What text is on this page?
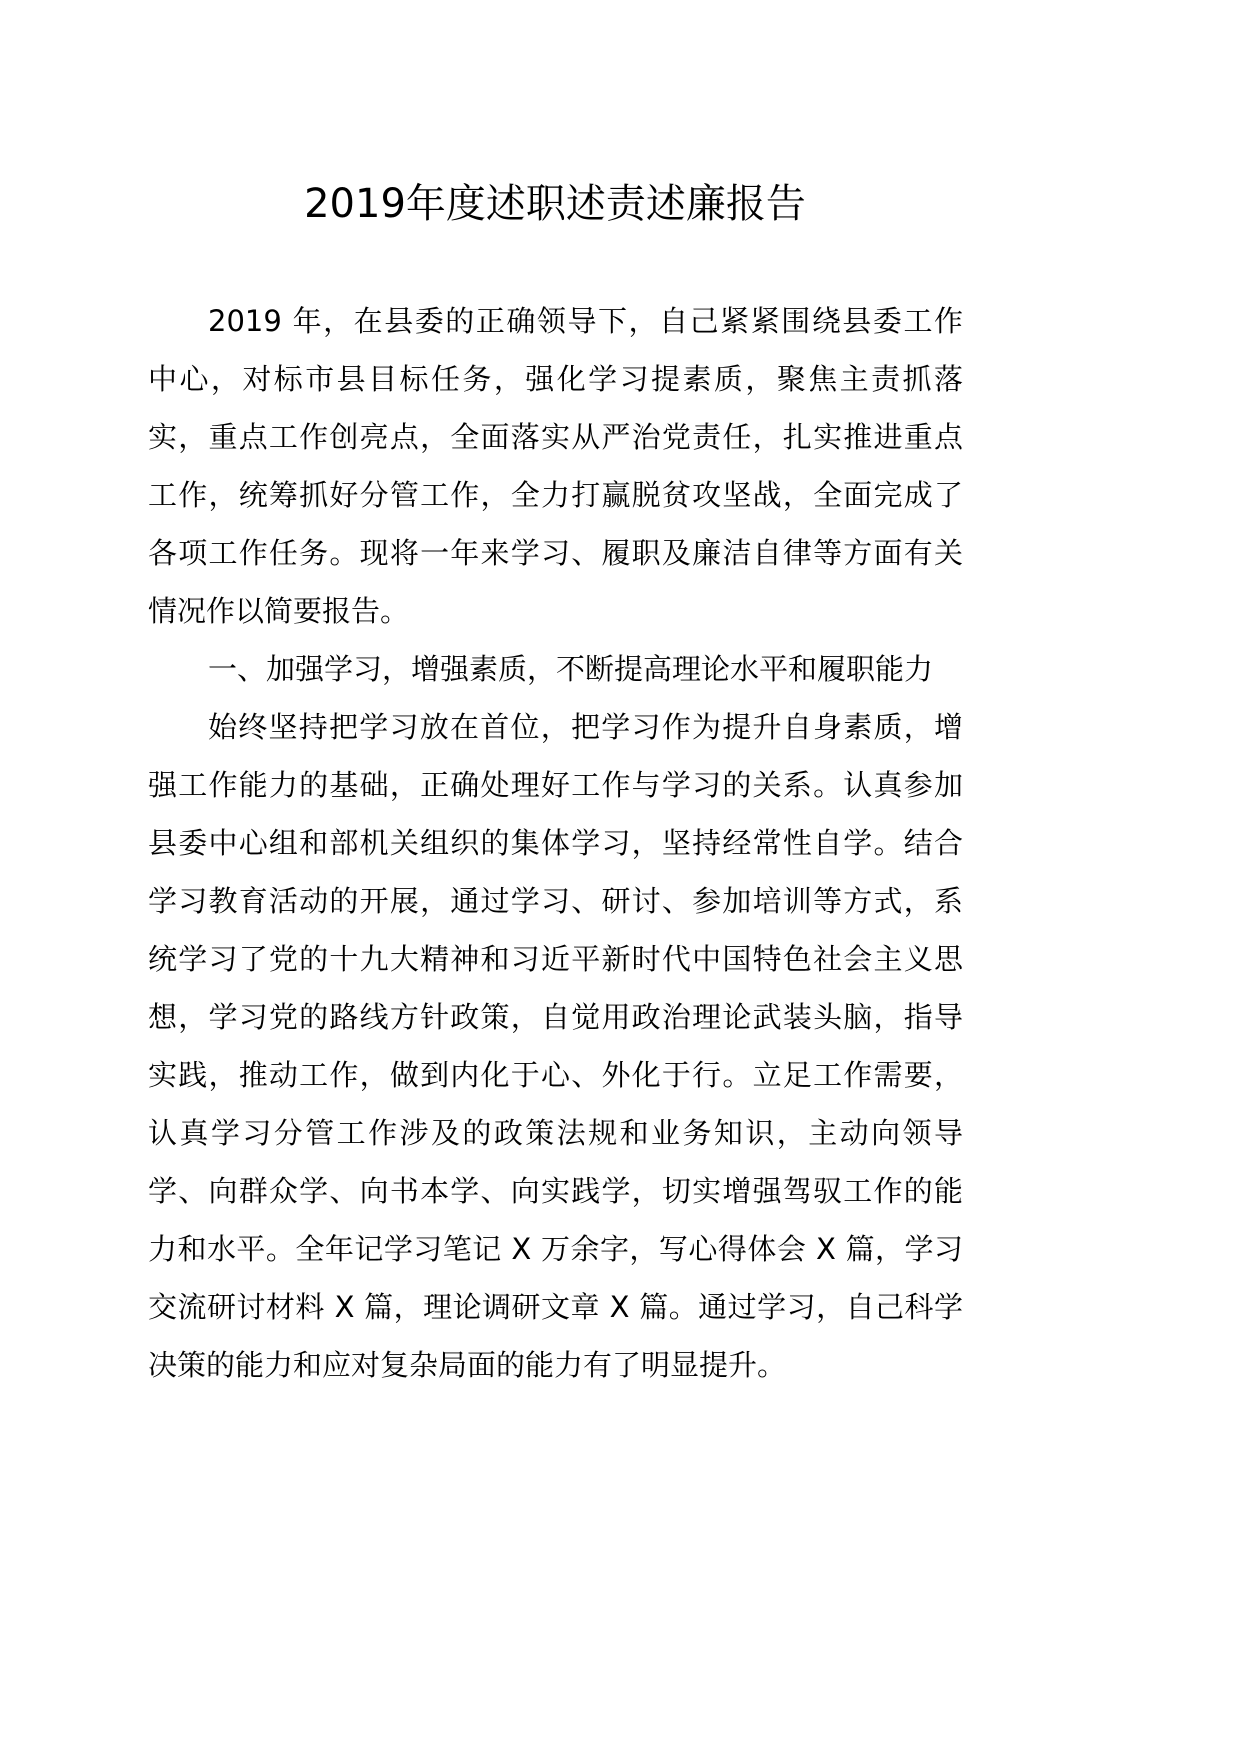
2019年度述职述责述廉报告
2019 年，在县委的正确领导下，自己紧紧围绕县委工作
中心，对标市县目标任务，强化学习提素质，聚焦主责抓落
实，重点工作创亮点，全面落实从严治党责任，扎实推进重点
工作，统筹抓好分管工作，全力打赢脱贫攻坚战，全面完成了
各项工作任务。现将一年来学习、履职及廉洁自律等方面有关
情况作以简要报告。
一、加强学习，增强素质，不断提高理论水平和履职能力
始终坚持把学习放在首位，把学习作为提升自身素质，增
强工作能力的基础，正确处理好工作与学习的关系。认真参加
县委中心组和部机关组织的集体学习，坚持经常性自学。结合
学习教育活动的开展，通过学习、研讨、参加培训等方式，系
统学习了党的十九大精神和习近平新时代中国特色社会主义思
想，学习党的路线方针政策，自觉用政治理论武装头脑，指导
实践，推动工作，做到内化于心、外化于行。立足工作需要，
认真学习分管工作涉及的政策法规和业务知识，主动向领导
学、向群众学、向书本学、向实践学，切实增强驾驭工作的能
力和水平。全年记学习笔记 X 万余字，写心得体会 X 篇，学习
交流研讨材料 X 篇，理论调研文章 X 篇。通过学习，自己科学
决策的能力和应对复杂局面的能力有了明显提升。
